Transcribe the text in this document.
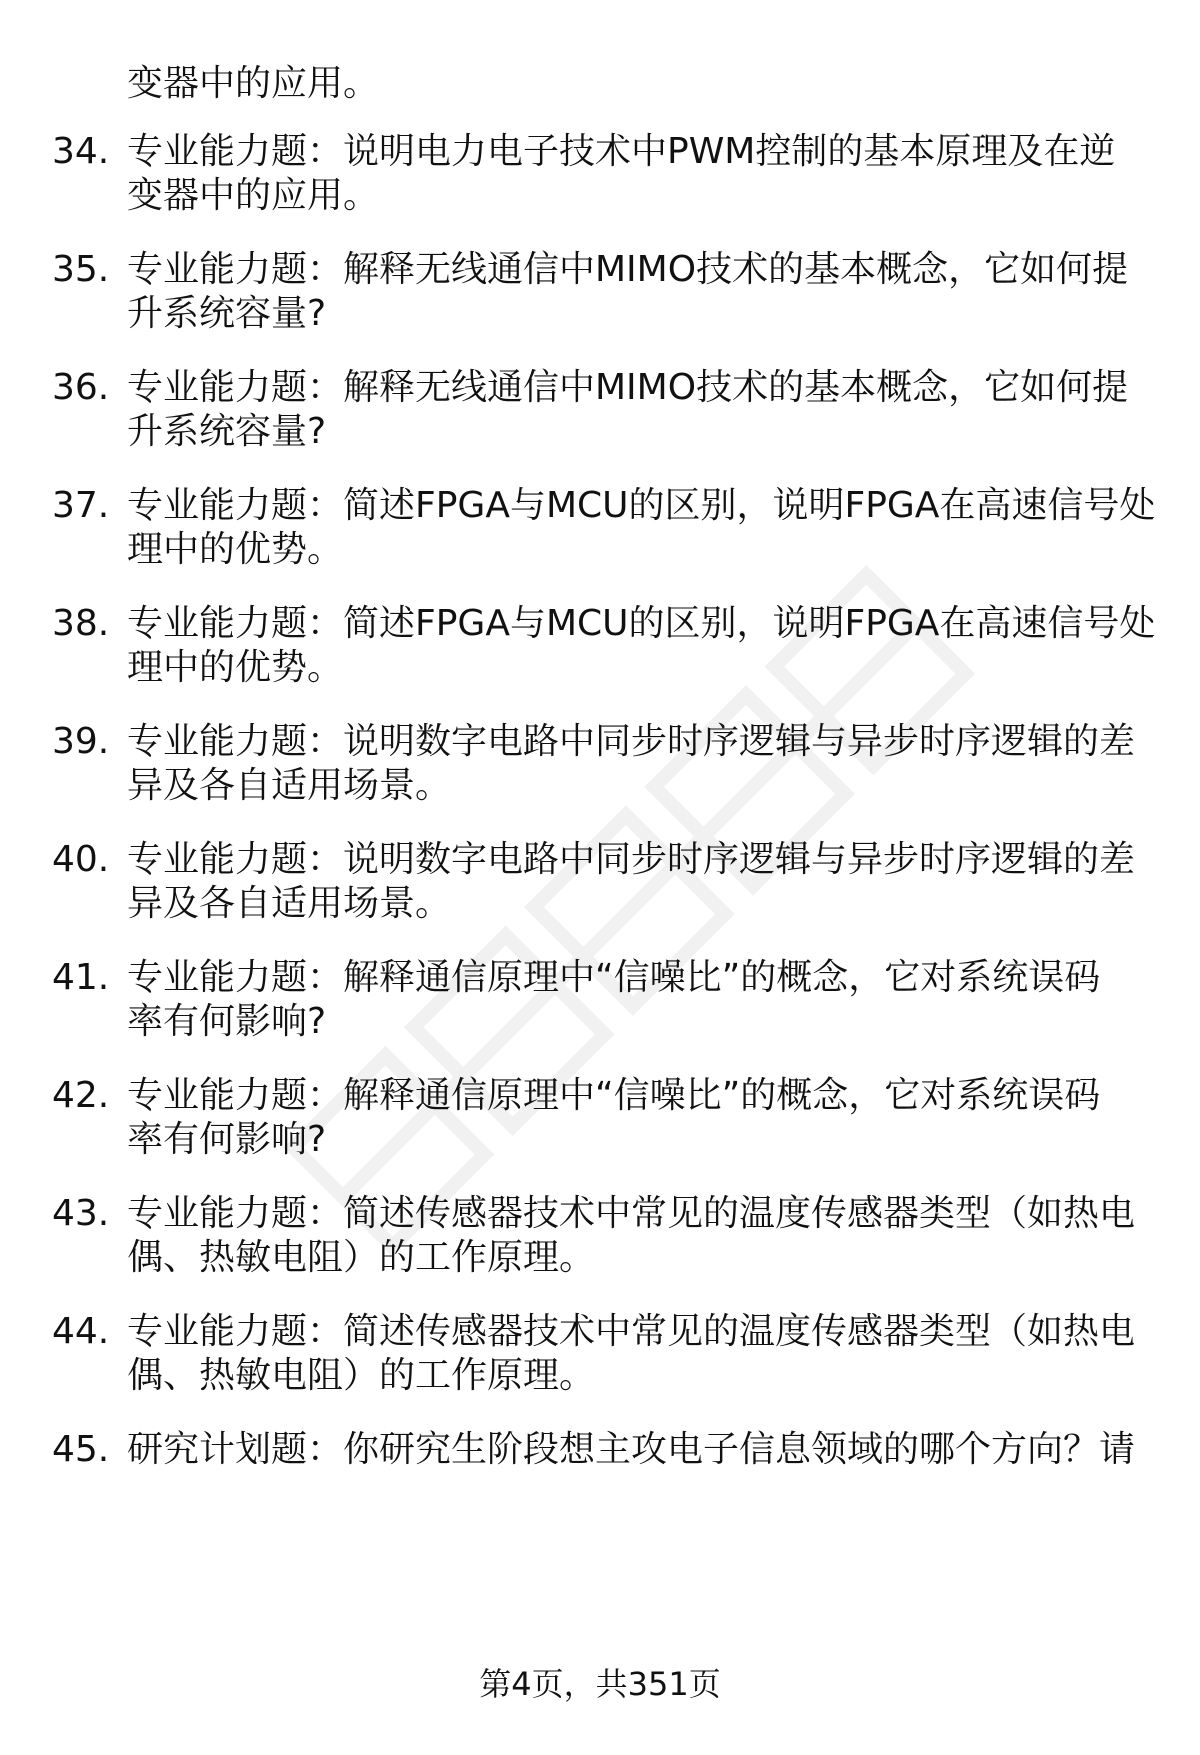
变器中的应用。
34. 专业能力题：说明电力电子技术中PWM控制的基本原理及在逆
变器中的应用。
35. 专业能力题：解释无线通信中MIMO技术的基本概念，它如何提
升系统容量?
36. 专业能力题：解释无线通信中MIMO技术的基本概念，它如何提
升系统容量?
37. 专业能力题：简述FPGA与MCU的区别，说明FPGA在高速信号处
理中的优势。
38. 专业能力题：简述FPGA与MCU的区别，说明FPGA在高速信号处
理中的优势。
39. 专业能力题：说明数字电路中同步时序逻辑与异步时序逻辑的差
异及各自适用场景。
40. 专业能力题：说明数字电路中同步时序逻辑与异步时序逻辑的差
异及各自适用场景。
41. 专业能力题：解释通信原理中“信噪比”的概念，它对系统误码
率有何影响?
42. 专业能力题：解释通信原理中“信噪比”的概念，它对系统误码
率有何影响?
43. 专业能力题：简述传感器技术中常见的温度传感器类型（如热电
偶、热敏电阻）的工作原理。
44. 专业能力题：简述传感器技术中常见的温度传感器类型（如热电
偶、热敏电阻）的工作原理。
45. 研究计划题：你研究生阶段想主攻电子信息领域的哪个方向？请
第4页，共351页
